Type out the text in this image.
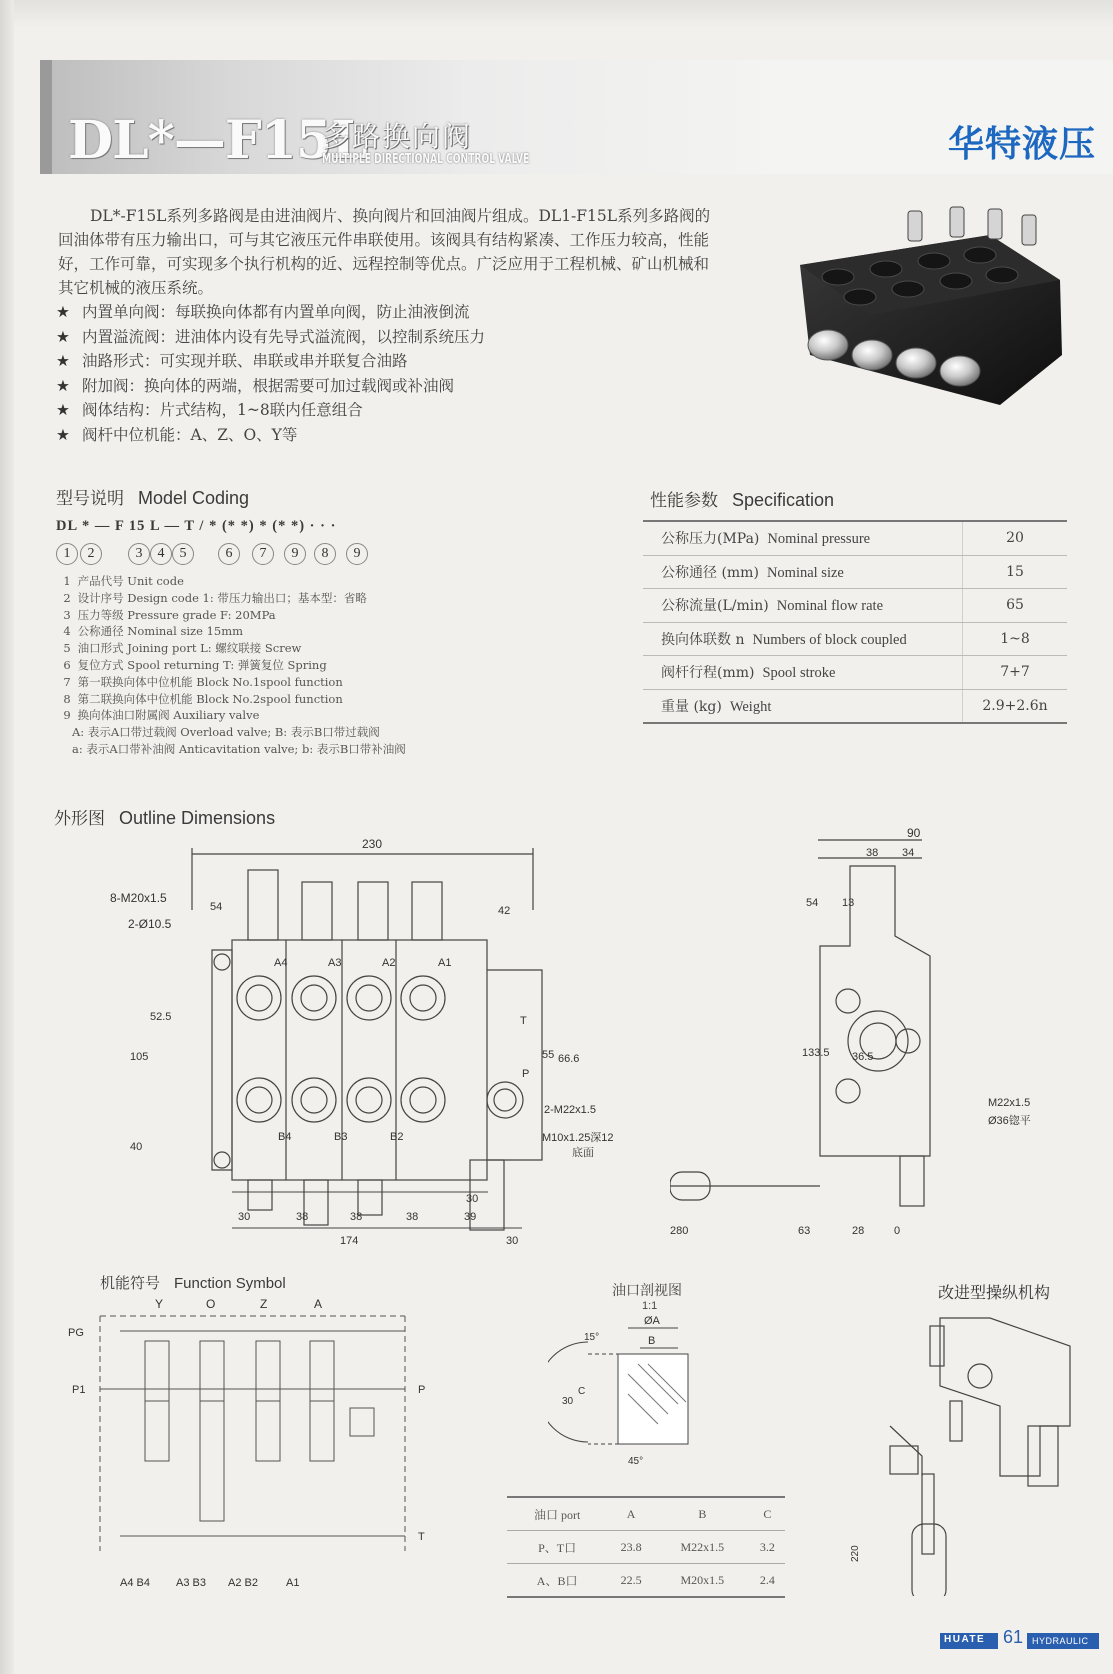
DL*—F15L
多路换向阀
MULTIPLE DIRECTIONAL CONTROL VALVE	华特液压
DL*-F15L系列多路阀是由进油阀片、换向阀片和回油阀片组成。DL1-F15L系列多路阀的回油体带有压力输出口，可与其它液压元件串联使用。该阀具有结构紧凑、工作压力较高，性能好，工作可靠，可实现多个执行机构的近、远程控制等优点。广泛应用于工程机械、矿山机械和其它机械的液压系统。
★ 内置单向阀：每联换向体都有内置单向阀，防止油液倒流
★ 内置溢流阀：进油体内设有先导式溢流阀，以控制系统压力
★ 油路形式：可实现并联、串联或串并联复合油路
★ 附加阀：换向体的两端，根据需要可加过载阀或补油阀
★ 阀体结构：片式结构，1~8联内任意组合
★ 阀杆中位机能：A、Z、O、Y等
型号说明 Model Coding
DL * — F 15 L — T / * (* *) * (* *) · · ·
1	2	3	4	5	6	7	9	8	9
1 产品代号 Unit code
2 设计序号 Design code 1: 带压力输出口；基本型：省略
3 压力等级 Pressure grade F: 20MPa
4 公称通径 Nominal size 15mm
5 油口形式 Joining port L: 螺纹联接 Screw
6 复位方式 Spool returning T: 弹簧复位 Spring
7 第一联换向体中位机能 Block No.1spool function
8 第二联换向体中位机能 Block No.2spool function
9 换向体油口附属阀 Auxiliary valve
A: 表示A口带过载阀 Overload valve; B: 表示B口带过载阀
a: 表示A口带补油阀 Anticavitation valve; b: 表示B口带补油阀
性能参数 Specification
公称压力(MPa) Nominal pressure	20
公称通径 (mm) Nominal size	15
公称流量(L/min) Nominal flow rate	65
换向体联数 n Numbers of block coupled	1~8
阀杆行程(mm) Spool stroke	7+7
重量 (kg) Weight	2.9+2.6n
外形图 Outline Dimensions
230
8-M20x1.5
2-Ø10.5
54	42
52.5
105
40
55 66.6
A4	A3	A2	A1
B4	B3	B2
T
P
2-M22x1.5
M10x1.25深12
底面
30	38	38	38
30
39
174	30
90
38 34
54 13
133.5 36.5
M22x1.5
Ø36锪平
280	63	28	0
机能符号 Function Symbol
Y	O	Z	A
PG
P1	P
T
A4 B4 A3 B3 A2 B2	A1
油口剖视图
1:1
ØA
B
15°
45°
30
C
油口 port	A	B	C
P、T口	23.8	M22x1.5	3.2
A、B口	22.5	M20x1.5	2.4
改进型操纵机构
220
HUATE 61 HYDRAULIC
